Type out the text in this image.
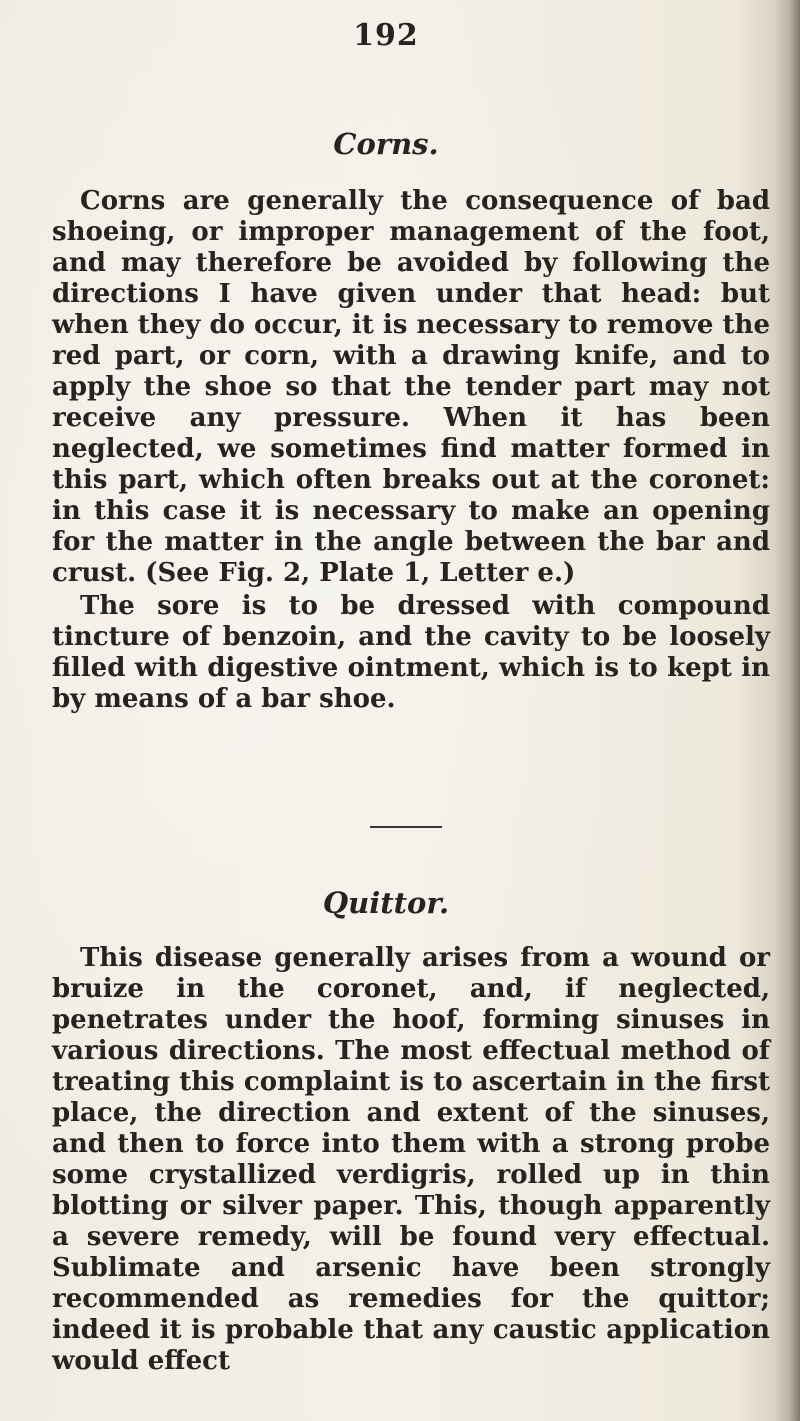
192
Corns.
Corns are generally the consequence of bad shoeing, or improper management of the foot, and may therefore be avoided by following the directions I have given under that head: but when they do occur, it is necessary to remove the red part, or corn, with a drawing knife, and to apply the shoe so that the tender part may not receive any pressure. When it has been neglected, we sometimes find matter formed in this part, which often breaks out at the coronet: in this case it is necessary to make an opening for the matter in the angle between the bar and crust. (See Fig. 2, Plate 1, Letter e.)
The sore is to be dressed with compound tincture of benzoin, and the cavity to be loosely filled with digestive ointment, which is to kept in by means of a bar shoe.
Quittor.
This disease generally arises from a wound or bruize in the coronet, and, if neglected, penetrates under the hoof, forming sinuses in various directions. The most effectual method of treating this complaint is to ascertain in the first place, the direction and extent of the sinuses, and then to force into them with a strong probe some crystallized verdigris, rolled up in thin blotting or silver paper. This, though apparently a severe remedy, will be found very effectual. Sublimate and arsenic have been strongly recommended as remedies for the quittor; indeed it is probable that any caustic application would effect
